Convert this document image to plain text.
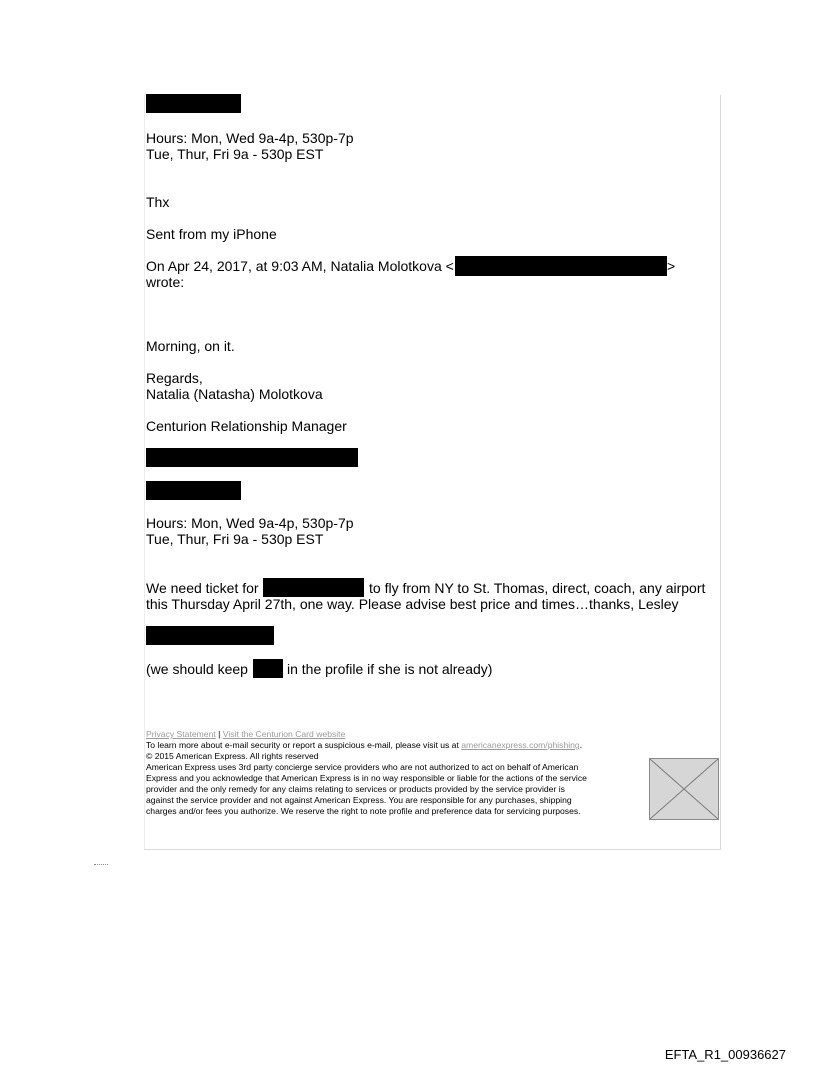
Hours: Mon, Wed 9a-4p, 530p-7p
Tue, Thur, Fri 9a - 530p EST
Thx
Sent from my iPhone
On Apr 24, 2017, at 9:03 AM, Natalia Molotkova <	>
wrote:
Morning, on it.
Regards,
Natalia (Natasha) Molotkova
Centurion Relationship Manager
Hours: Mon, Wed 9a-4p, 530p-7p
Tue, Thur, Fri 9a - 530p EST
We need ticket for	to fly from NY to St. Thomas, direct, coach, any airport
this Thursday April 27th, one way. Please advise best price and times…thanks, Lesley
(we should keep	in the profile if she is not already)
Privacy Statement | Visit the Centurion Card website
To learn more about e-mail security or report a suspicious e-mail, please visit us at americanexpress.com/phishing.
© 2015 American Express. All rights reserved
American Express uses 3rd party concierge service providers who are not authorized to act on behalf of American
Express and you acknowledge that American Express is in no way responsible or liable for the actions of the service
provider and the only remedy for any claims relating to services or products provided by the service provider is
against the service provider and not against American Express. You are responsible for any purchases, shipping
charges and/or fees you authorize. We reserve the right to note profile and preference data for servicing purposes.
EFTA_R1_00936627
